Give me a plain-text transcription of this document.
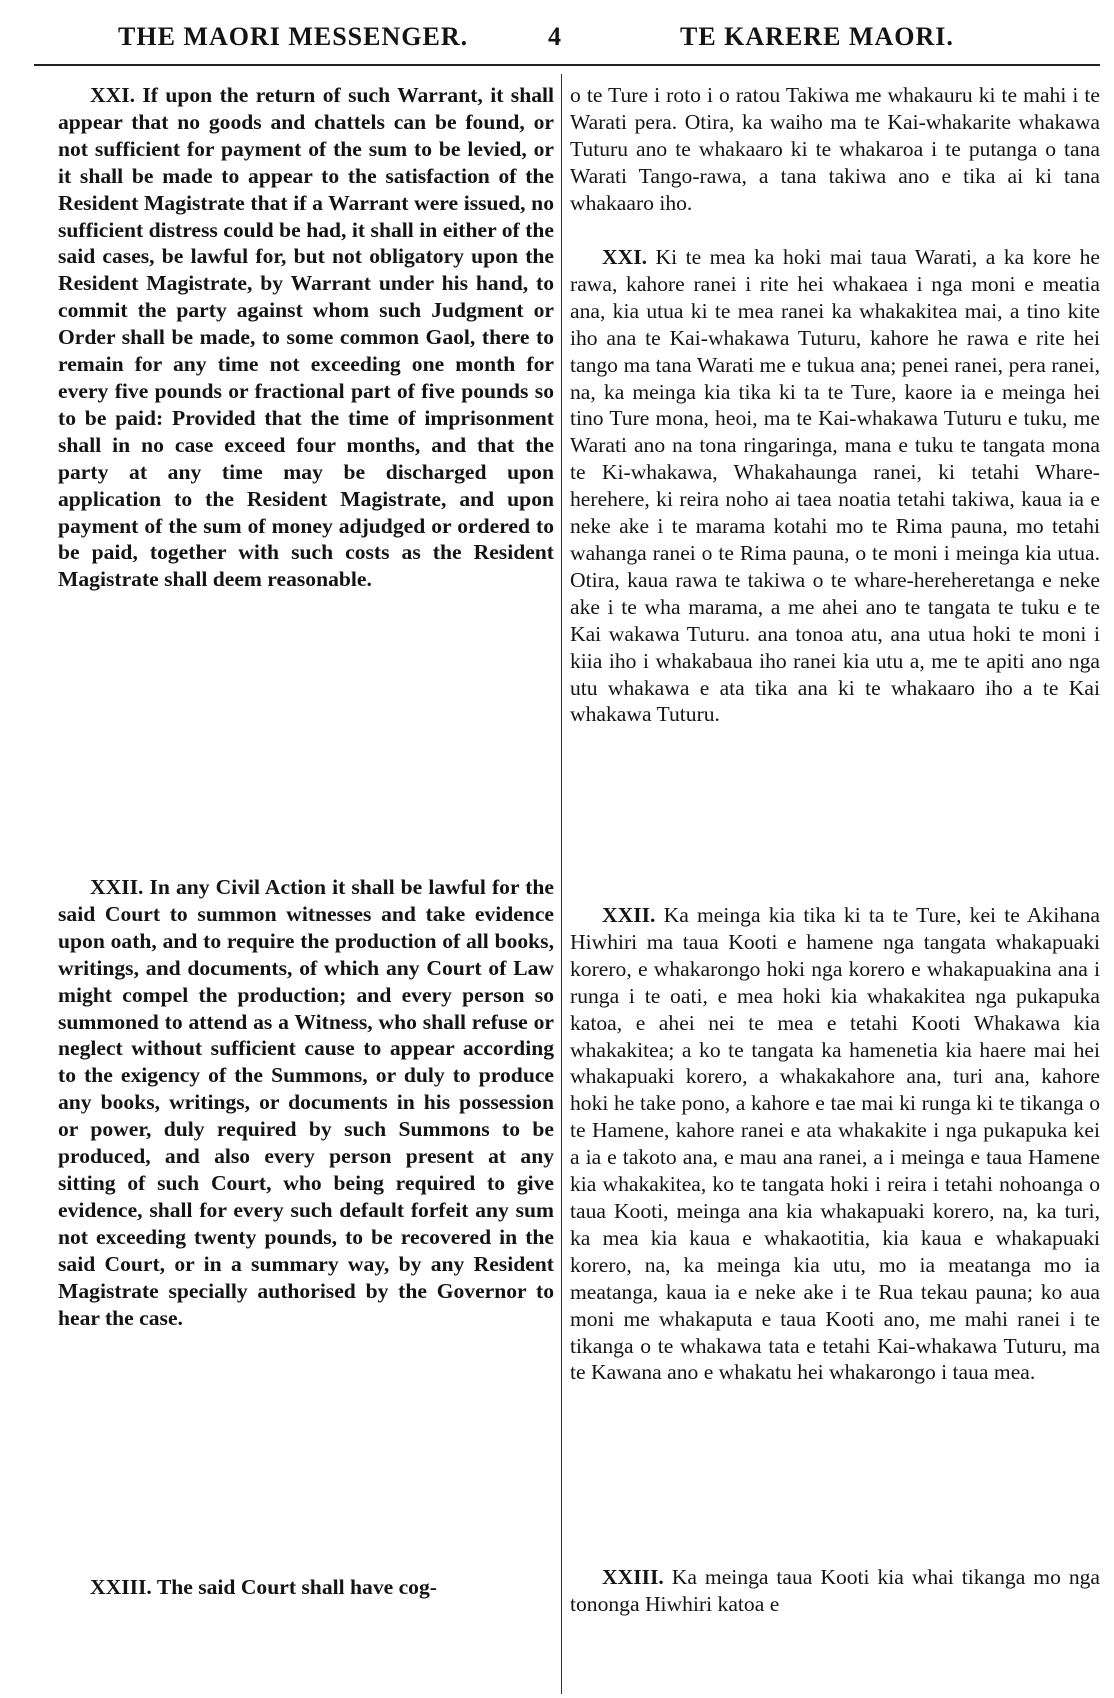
THE MAORI MESSENGER.	4	TE KARERE MAORI.

XXI. If upon the return of such Warrant, it shall appear that no goods and chattels can be found, or not sufficient for payment of the sum to be levied, or it shall be made to appear to the satisfaction of the Resident Magistrate that if a Warrant were issued, no sufficient distress could be had, it shall in either of the said cases, be lawful for, but not obligatory upon the Resident Magistrate, by Warrant under his hand, to commit the party against whom such Judgment or Order shall be made, to some common Gaol, there to remain for any time not exceeding one month for every five pounds or fractional part of five pounds so to be paid: Provided that the time of imprisonment shall in no case exceed four months, and that the party at any time may be discharged upon application to the Resident Magistrate, and upon payment of the sum of money adjudged or ordered to be paid, together with such costs as the Resident Magistrate shall deem reasonable.

XXII. In any Civil Action it shall be lawful for the said Court to summon witnesses and take evidence upon oath, and to require the production of all books, writings, and documents, of which any Court of Law might compel the production; and every person so summoned to attend as a Witness, who shall refuse or neglect without sufficient cause to appear according to the exigency of the Summons, or duly to produce any books, writings, or documents in his possession or power, duly required by such Summons to be produced, and also every person present at any sitting of such Court, who being required to give evidence, shall for every such default forfeit any sum not exceeding twenty pounds, to be recovered in the said Court, or in a summary way, by any Resident Magistrate specially authorised by the Governor to hear the case.

XXIII. The said Court shall have cog-

o te Ture i roto i o ratou Takiwa me whakauru ki te mahi i te Warati pera. Otira, ka waiho ma te Kai-whakarite whakawa Tuturu ano te whakaaro ki te whakaroa i te putanga o tana Warati Tango-rawa, a tana takiwa ano e tika ai ki tana whakaaro iho.

XXI. Ki te mea ka hoki mai taua Warati, a ka kore he rawa, kahore ranei i rite hei whakaea i nga moni e meatia ana, kia utua ki te mea ranei ka whakakitea mai, a tino kite iho ana te Kai-whakawa Tuturu, kahore he rawa e rite hei tango ma tana Warati me e tukua ana; penei ranei, pera ranei, na, ka meinga kia tika ki ta te Ture, kaore ia e meinga hei tino Ture mona, heoi, ma te Kai-whakawa Tuturu e tuku, me Warati ano na tona ringaringa, mana e tuku te tangata mona te Ki-whakawa, Whakahaunga ranei, ki tetahi Whare-herehere, ki reira noho ai taea noatia tetahi takiwa, kaua ia e neke ake i te marama kotahi mo te Rima pauna, mo tetahi wahanga ranei o te Rima pauna, o te moni i meinga kia utua. Otira, kaua rawa te takiwa o te whare-hereheretanga e neke ake i te wha marama, a me ahei ano te tangata te tuku e te Kai wakawa Tuturu. ana tonoa atu, ana utua hoki te moni i kiia iho i whakabaua iho ranei kia utu a, me te apiti ano nga utu whakawa e ata tika ana ki te whakaaro iho a te Kai whakawa Tuturu.

XXII. Ka meinga kia tika ki ta te Ture, kei te Akihana Hiwhiri ma taua Kooti e hamene nga tangata whakapuaki korero, e whakarongo hoki nga korero e whakapuakina ana i runga i te oati, e mea hoki kia whakakitea nga pukapuka katoa, e ahei nei te mea e tetahi Kooti Whakawa kia whakakitea; a ko te tangata ka hamenetia kia haere mai hei whakapuaki korero, a whakakahore ana, turi ana, kahore hoki he take pono, a kahore e tae mai ki runga ki te tikanga o te Hamene, kahore ranei e ata whakakite i nga pukapuka kei a ia e takoto ana, e mau ana ranei, a i meinga e taua Hamene kia whakakitea, ko te tangata hoki i reira i tetahi nohoanga o taua Kooti, meinga ana kia whakapuaki korero, na, ka turi, ka mea kia kaua e whakaotitia, kia kaua e whakapuaki korero, na, ka meinga kia utu, mo ia meatanga mo ia meatanga, kaua ia e neke ake i te Rua tekau pauna; ko aua moni me whakaputa e taua Kooti ano, me mahi ranei i te tikanga o te whakawa tata e tetahi Kai-whakawa Tuturu, ma te Kawana ano e whakatu hei whakarongo i taua mea.

XXIII. Ka meinga taua Kooti kia whai tikanga mo nga tononga Hiwhiri katoa e
